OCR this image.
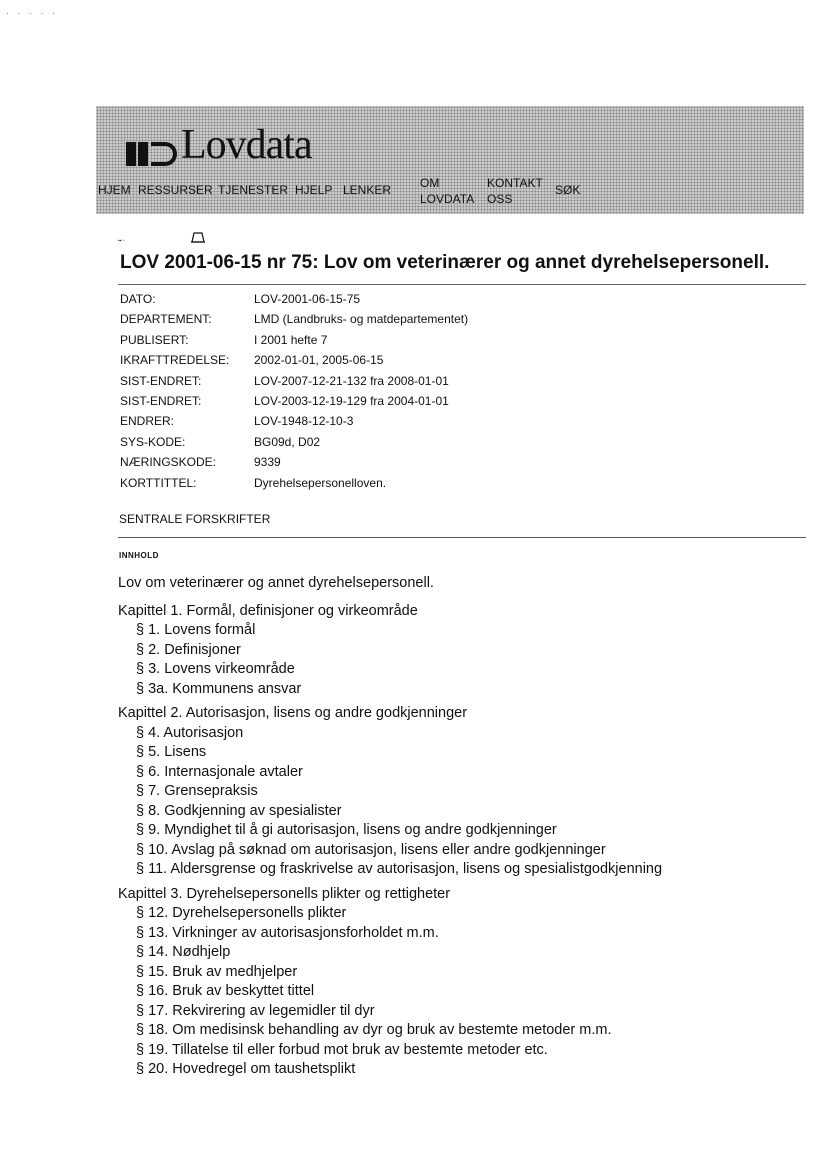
· · · · ·
Lovdata
HJEM RESSURSER TJENESTER HJELP LENKER OM
LOVDATA
KONTAKT
OSS
SØK
▪▪ ▫
LOV 2001-06-15 nr 75: Lov om veterinærer og annet dyrehelsepersonell.
DATO:	LOV-2001-06-15-75
DEPARTEMENT:	LMD (Landbruks- og matdepartementet)
PUBLISERT:	I 2001 hefte 7
IKRAFTTREDELSE:	2002-01-01, 2005-06-15
SIST-ENDRET:	LOV-2007-12-21-132 fra 2008-01-01
SIST-ENDRET:	LOV-2003-12-19-129 fra 2004-01-01
ENDRER:	LOV-1948-12-10-3
SYS-KODE:	BG09d, D02
NÆRINGSKODE:	9339
KORTTITTEL:	Dyrehelsepersonelloven.
SENTRALE FORSKRIFTER
INNHOLD
Lov om veterinærer og annet dyrehelsepersonell.
Kapittel 1. Formål, definisjoner og virkeområde
§ 1. Lovens formål
§ 2. Definisjoner
§ 3. Lovens virkeområde
§ 3a. Kommunens ansvar
Kapittel 2. Autorisasjon, lisens og andre godkjenninger
§ 4. Autorisasjon
§ 5. Lisens
§ 6. Internasjonale avtaler
§ 7. Grensepraksis
§ 8. Godkjenning av spesialister
§ 9. Myndighet til å gi autorisasjon, lisens og andre godkjenninger
§ 10. Avslag på søknad om autorisasjon, lisens eller andre godkjenninger
§ 11. Aldersgrense og fraskrivelse av autorisasjon, lisens og spesialistgodkjenning
Kapittel 3. Dyrehelsepersonells plikter og rettigheter
§ 12. Dyrehelsepersonells plikter
§ 13. Virkninger av autorisasjonsforholdet m.m.
§ 14. Nødhjelp
§ 15. Bruk av medhjelper
§ 16. Bruk av beskyttet tittel
§ 17. Rekvirering av legemidler til dyr
§ 18. Om medisinsk behandling av dyr og bruk av bestemte metoder m.m.
§ 19. Tillatelse til eller forbud mot bruk av bestemte metoder etc.
§ 20. Hovedregel om taushetsplikt
